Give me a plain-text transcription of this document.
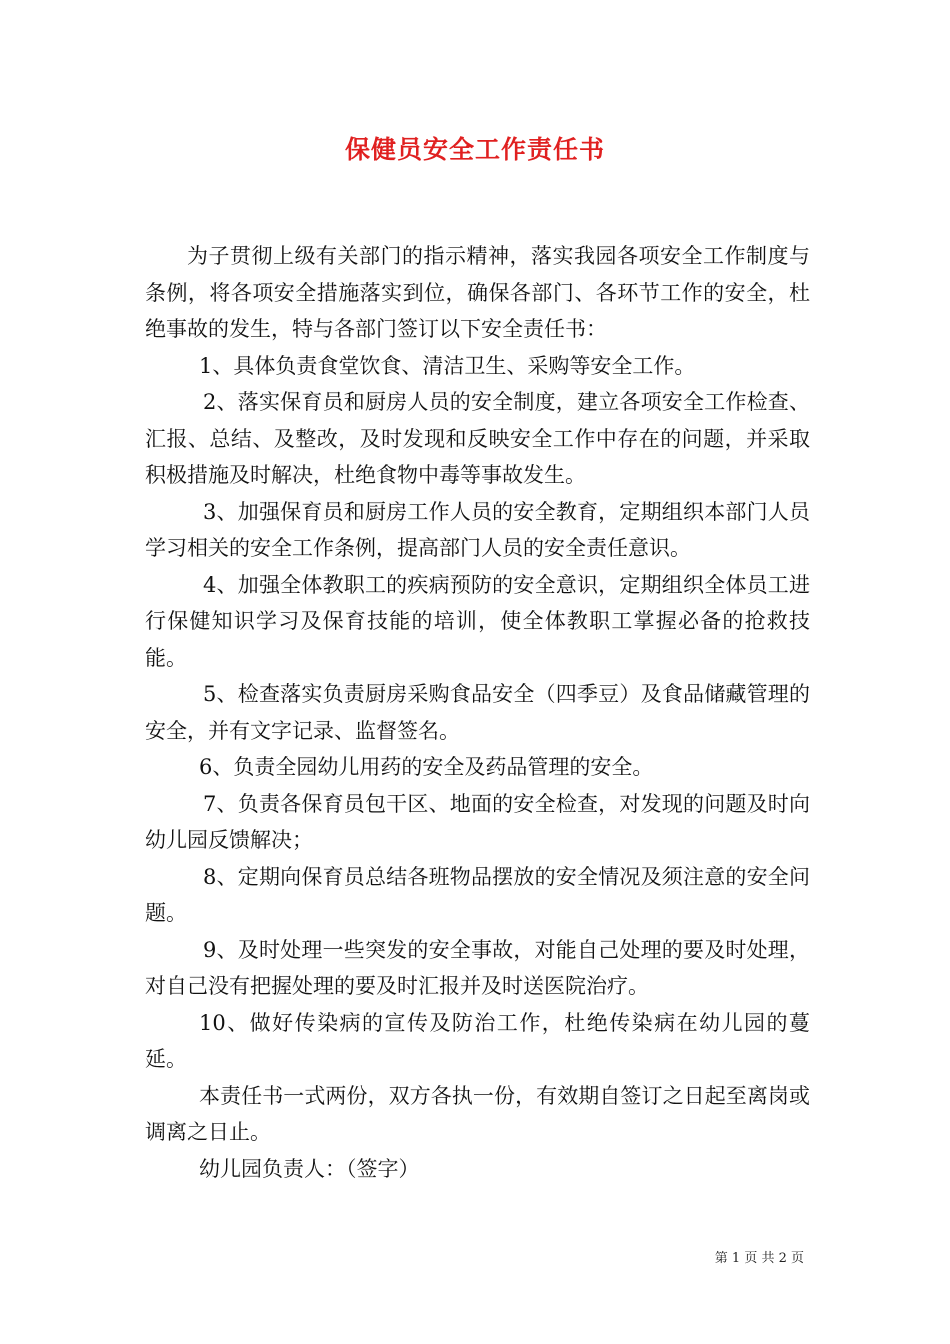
保健员安全工作责任书

为子贯彻上级有关部门的指示精神，落实我园各项安全工作制度与条例，将各项安全措施落实到位，确保各部门、各环节工作的安全，杜绝事故的发生，特与各部门签订以下安全责任书：

1、具体负责食堂饮食、清洁卫生、采购等安全工作。

2、落实保育员和厨房人员的安全制度，建立各项安全工作检查、汇报、总结、及整改，及时发现和反映安全工作中存在的问题，并采取积极措施及时解决，杜绝食物中毒等事故发生。

3、加强保育员和厨房工作人员的安全教育，定期组织本部门人员学习相关的安全工作条例，提高部门人员的安全责任意识。

4、加强全体教职工的疾病预防的安全意识，定期组织全体员工进行保健知识学习及保育技能的培训，使全体教职工掌握必备的抢救技能。

5、检查落实负责厨房采购食品安全（四季豆）及食品储藏管理的安全，并有文字记录、监督签名。

6、负责全园幼儿用药的安全及药品管理的安全。

7、负责各保育员包干区、地面的安全检查，对发现的问题及时向幼儿园反馈解决；

8、定期向保育员总结各班物品摆放的安全情况及须注意的安全问题。

9、及时处理一些突发的安全事故，对能自己处理的要及时处理，对自己没有把握处理的要及时汇报并及时送医院治疗。

10、做好传染病的宣传及防治工作，杜绝传染病在幼儿园的蔓延。

本责任书一式两份，双方各执一份，有效期自签订之日起至离岗或调离之日止。

幼儿园负责人：（签字）

第 1 页 共 2 页
